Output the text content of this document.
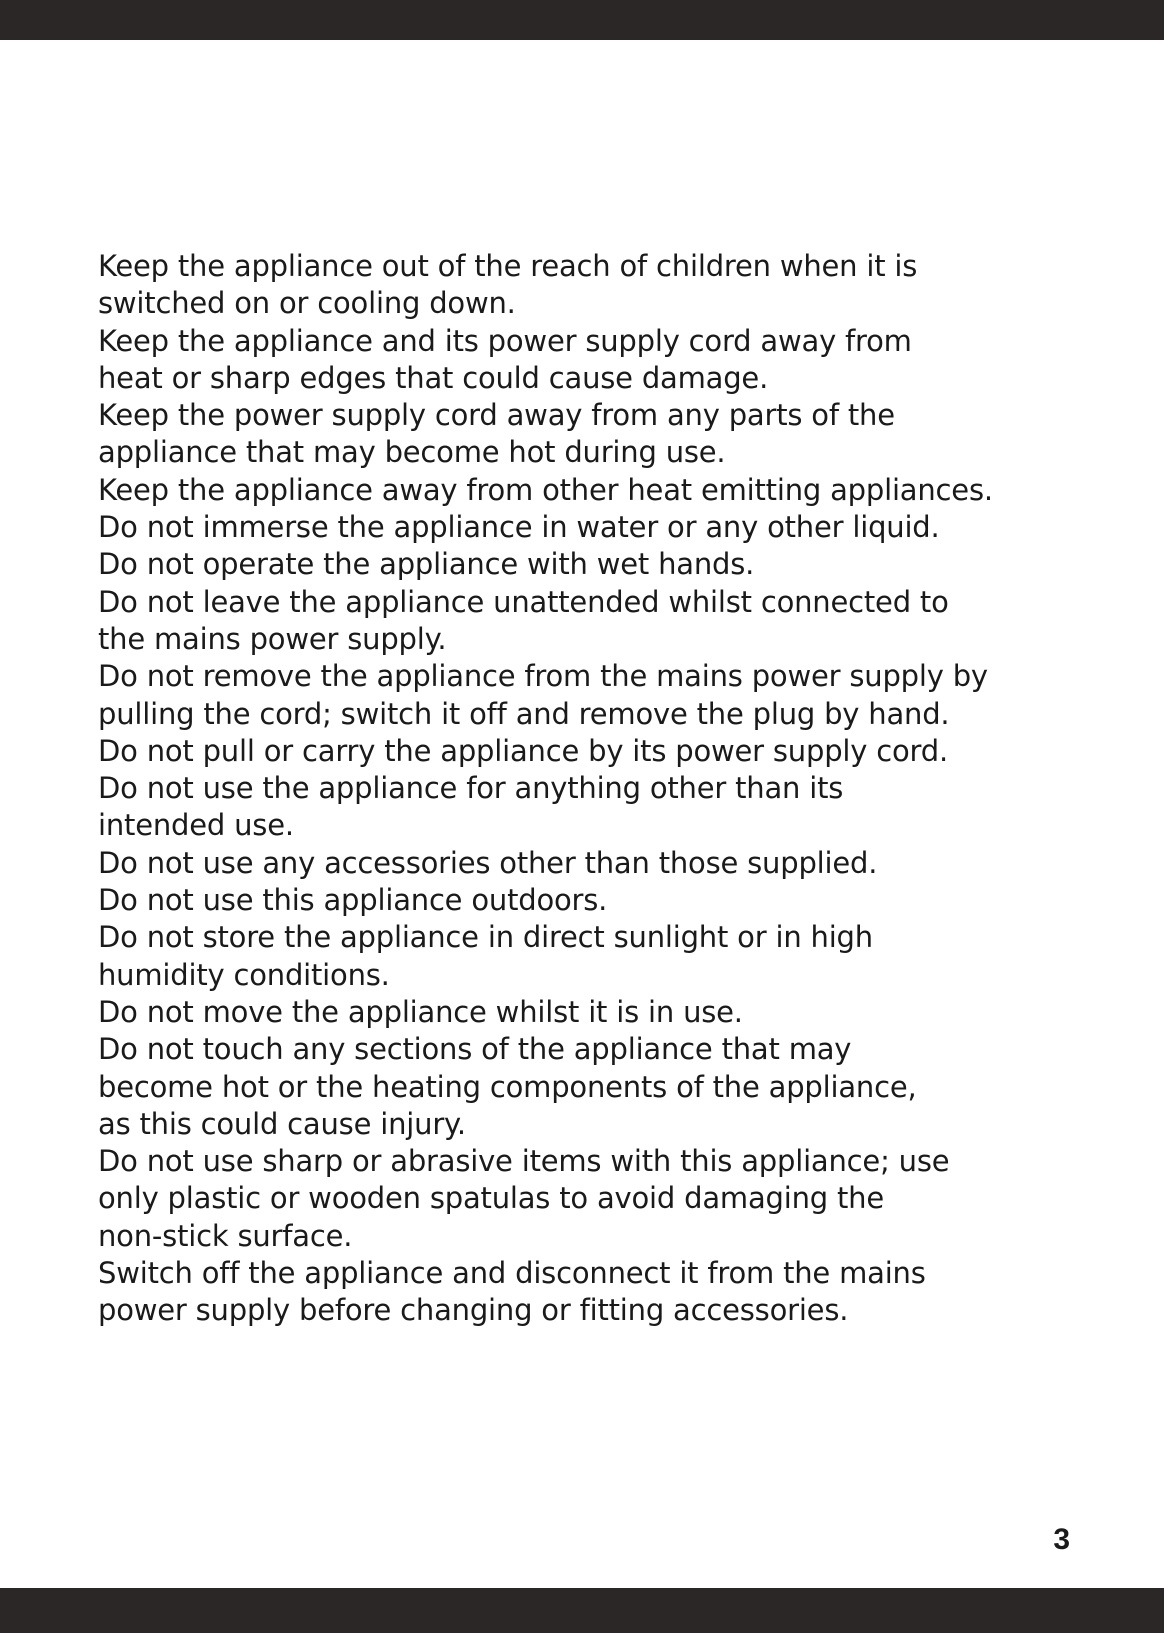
Keep the appliance out of the reach of children when it is
switched on or cooling down.
Keep the appliance and its power supply cord away from
heat or sharp edges that could cause damage.
Keep the power supply cord away from any parts of the
appliance that may become hot during use.
Keep the appliance away from other heat emitting appliances.
Do not immerse the appliance in water or any other liquid.
Do not operate the appliance with wet hands.
Do not leave the appliance unattended whilst connected to
the mains power supply.
Do not remove the appliance from the mains power supply by
pulling the cord; switch it off and remove the plug by hand.
Do not pull or carry the appliance by its power supply cord.
Do not use the appliance for anything other than its
intended use.
Do not use any accessories other than those supplied.
Do not use this appliance outdoors.
Do not store the appliance in direct sunlight or in high
humidity conditions.
Do not move the appliance whilst it is in use.
Do not touch any sections of the appliance that may
become hot or the heating components of the appliance,
as this could cause injury.
Do not use sharp or abrasive items with this appliance; use
only plastic or wooden spatulas to avoid damaging the
non-stick surface.
Switch off the appliance and disconnect it from the mains
power supply before changing or fitting accessories.
3
